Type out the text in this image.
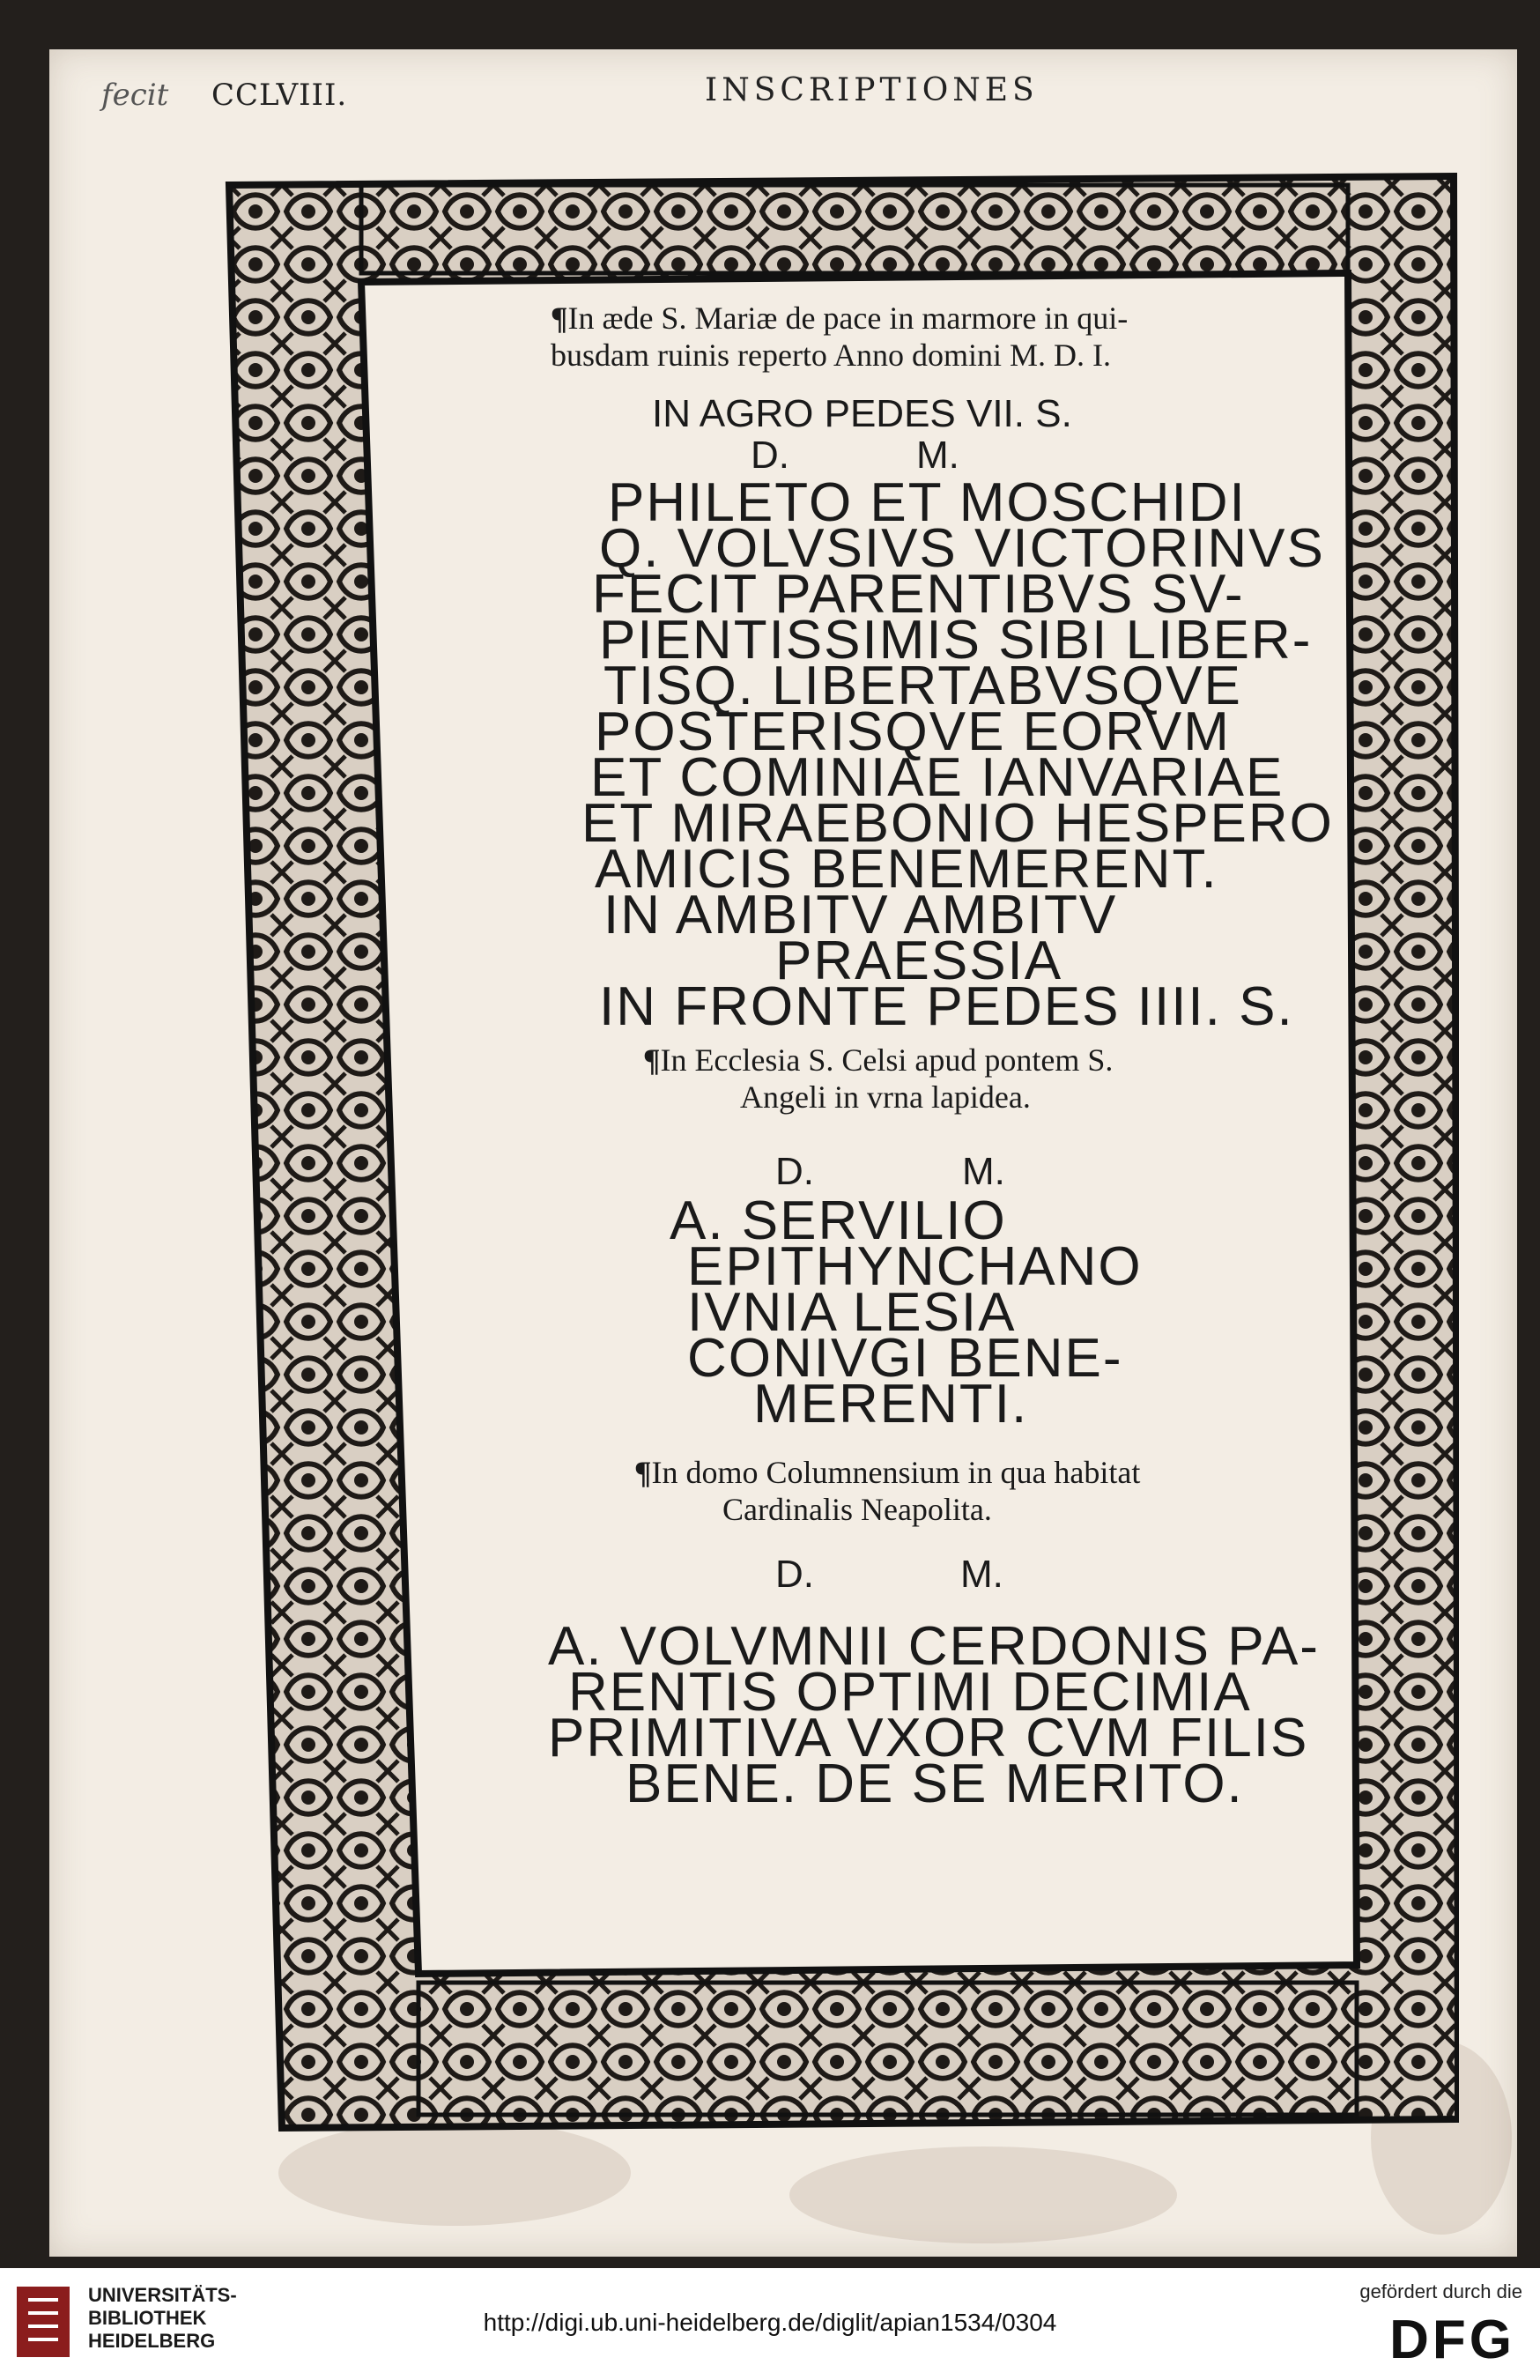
fecit CCLVIII.	INSCRIPTIONES
¶In æde S. Mariæ de pace in marmore in qui-
busdam ruinis reperto Anno domini M. D. I.
IN AGRO PEDES VII. S.
D.	M.
PHILETO ET MOSCHIDI
Q. VOLVSIVS VICTORINVS
FECIT PARENTIBVS SV-
PIENTISSIMIS SIBI LIBER-
TISQ. LIBERTABVSQVE
POSTERISQVE EORVM
ET COMINIAE IANVARIAE
ET MIRAEBONIO HESPERO
AMICIS BENEMERENT.
IN AMBITV AMBITV
PRAESSIA
IN FRONTE PEDES IIII. S.
¶In Ecclesia S. Celsi apud pontem S.
Angeli in vrna lapidea.
D.	M.
A. SERVILIO
EPITHYNCHANO
IVNIA LESIA
CONIVGI BENE-
MERENTI.
¶In domo Columnensium in qua habitat
Cardinalis Neapolita.
D.	M.
A. VOLVMNII CERDONIS PA-
RENTIS OPTIMI DECIMIA
PRIMITIVA VXOR CVM FILIS
BENE. DE SE MERITO.
UNIVERSITÄTS-
BIBLIOTHEK
HEIDELBERG
http://digi.ub.uni-heidelberg.de/diglit/apian1534/0304
gefördert durch die
DFG
